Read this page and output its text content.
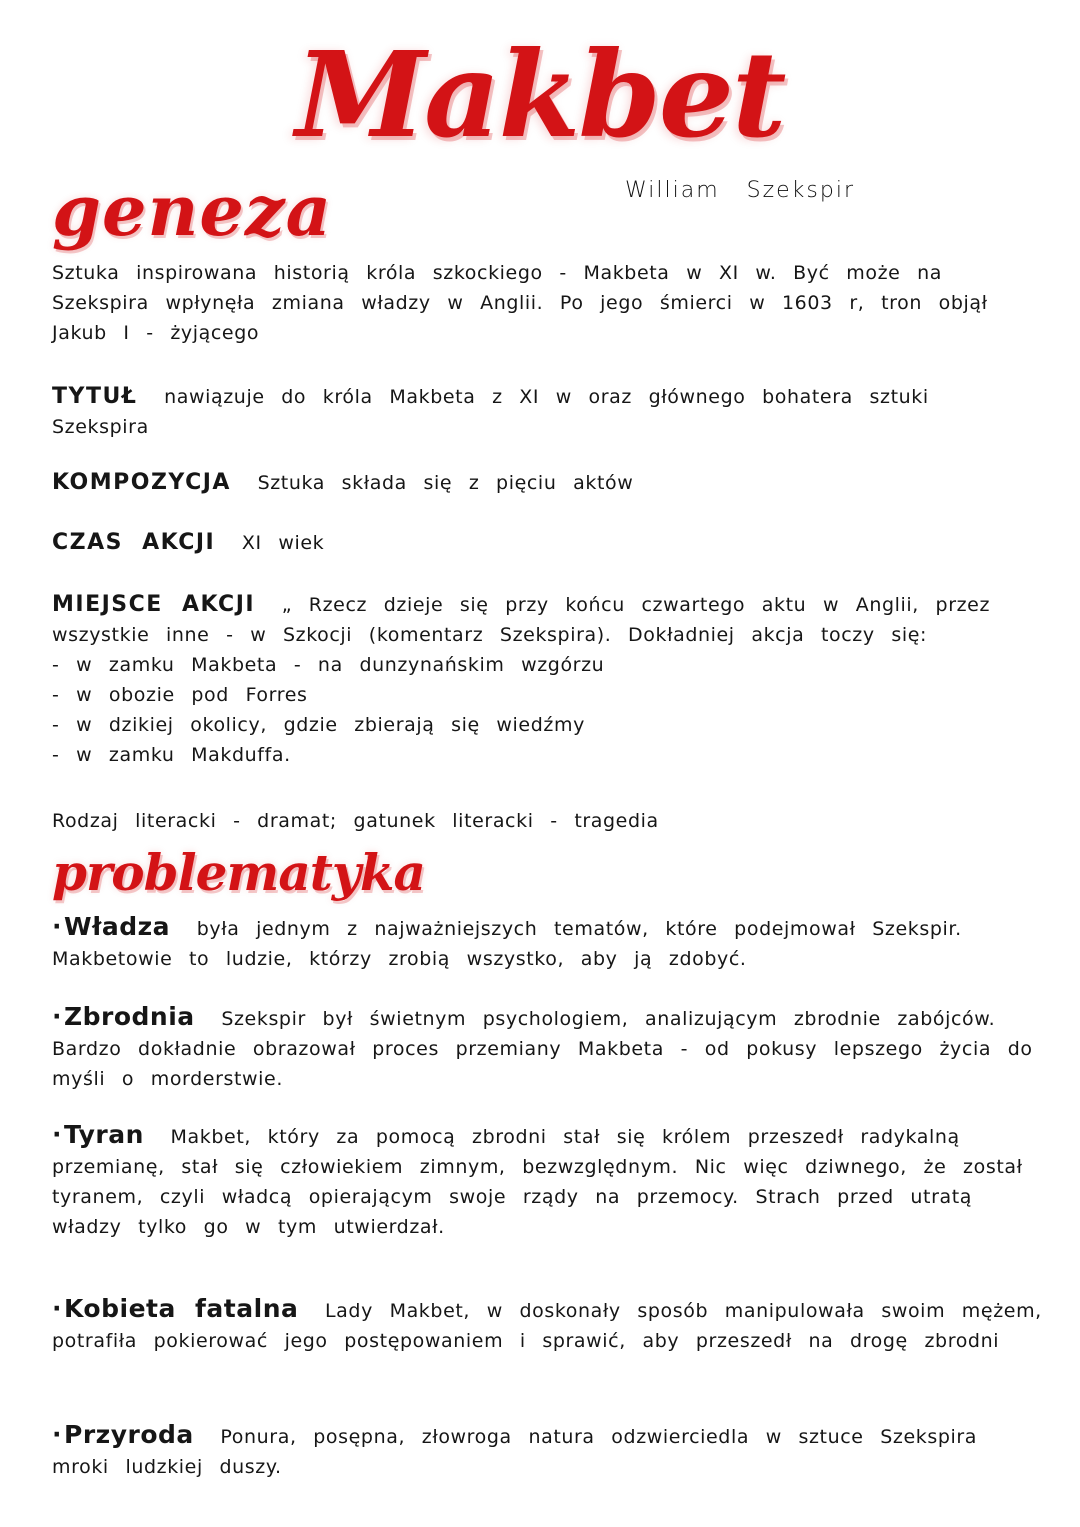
Makbet
geneza	William Szekspir
Sztuka inspirowana historią króla szkockiego - Makbeta w XI w. Być może na Szekspira wpłynęła zmiana władzy w Anglii. Po jego śmierci w 1603 r, tron objął Jakub I - żyjącego
TYTUŁ nawiązuje do króla Makbeta z XI w oraz głównego bohatera sztuki Szekspira
KOMPOZYCJA Sztuka składa się z pięciu aktów
CZAS AKCJI XI wiek
MIEJSCE AKCJI „ Rzecz dzieje się przy końcu czwartego aktu w Anglii, przez wszystkie inne - w Szkocji (komentarz Szekspira). Dokładniej akcja toczy się:
- w zamku Makbeta - na dunzynańskim wzgórzu
- w obozie pod Forres
- w dzikiej okolicy, gdzie zbierają się wiedźmy
- w zamku Makduffa.
Rodzaj literacki - dramat; gatunek literacki - tragedia
problematyka
· Władza była jednym z najważniejszych tematów, które podejmował Szekspir. Makbetowie to ludzie, którzy zrobią wszystko, aby ją zdobyć.
· Zbrodnia Szekspir był świetnym psychologiem, analizującym zbrodnie zabójców. Bardzo dokładnie obrazował proces przemiany Makbeta - od pokusy lepszego życia do myśli o morderstwie.
· Tyran Makbet, który za pomocą zbrodni stał się królem przeszedł radykalną przemianę, stał się człowiekiem zimnym, bezwzględnym. Nic więc dziwnego, że został tyranem, czyli władcą opierającym swoje rządy na przemocy. Strach przed utratą władzy tylko go w tym utwierdzał.
· Kobieta fatalna Lady Makbet, w doskonały sposób manipulowała swoim mężem, potrafiła pokierować jego postępowaniem i sprawić, aby przeszedł na drogę zbrodni
· Przyroda Ponura, posępna, złowroga natura odzwierciedla w sztuce Szekspira mroki ludzkiej duszy.
